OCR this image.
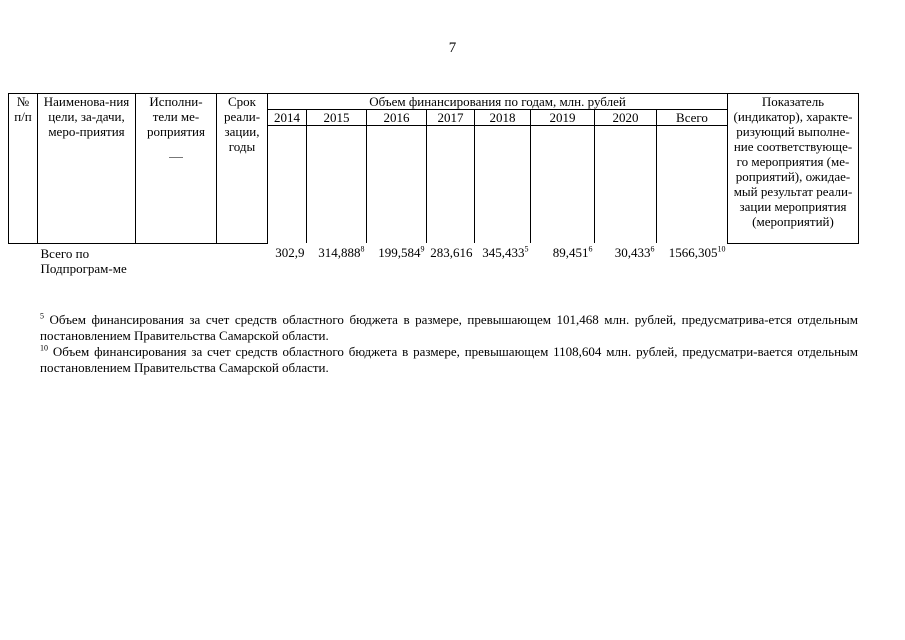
7
№ п/п	Наименова-ния цели, за-дачи, меро-приятия	Исполни-тели ме-роприятия	Срок реали-зации, годы	Объем финансирования по годам, млн. рублей								Показатель (индикатор), характе-ризующий выполне-ние соответствующе-го мероприятия (ме-роприятий), ожидае-мый результат реали-зации мероприятия (мероприятий)
				2014	2015	2016	2017	2018	2019	2020	Всего	

	Всего по Подпрограм-ме			302,9	314,888$^8$	199,584$^9$	283,616	345,433$^5$	89,451$^6$	30,433$^6$	1566,305$^{10}$	

$^5$ Объем финансирования за счет средств областного бюджета в размере, превышающем 101,468 млн. рублей, предусматрива-ется отдельным постановлением Правительства Самарской области.

$^{10}$ Объем финансирования за счет средств областного бюджета в размере, превышающем 1108,604 млн. рублей, предусматри-вается отдельным постановлением Правительства Самарской области.
